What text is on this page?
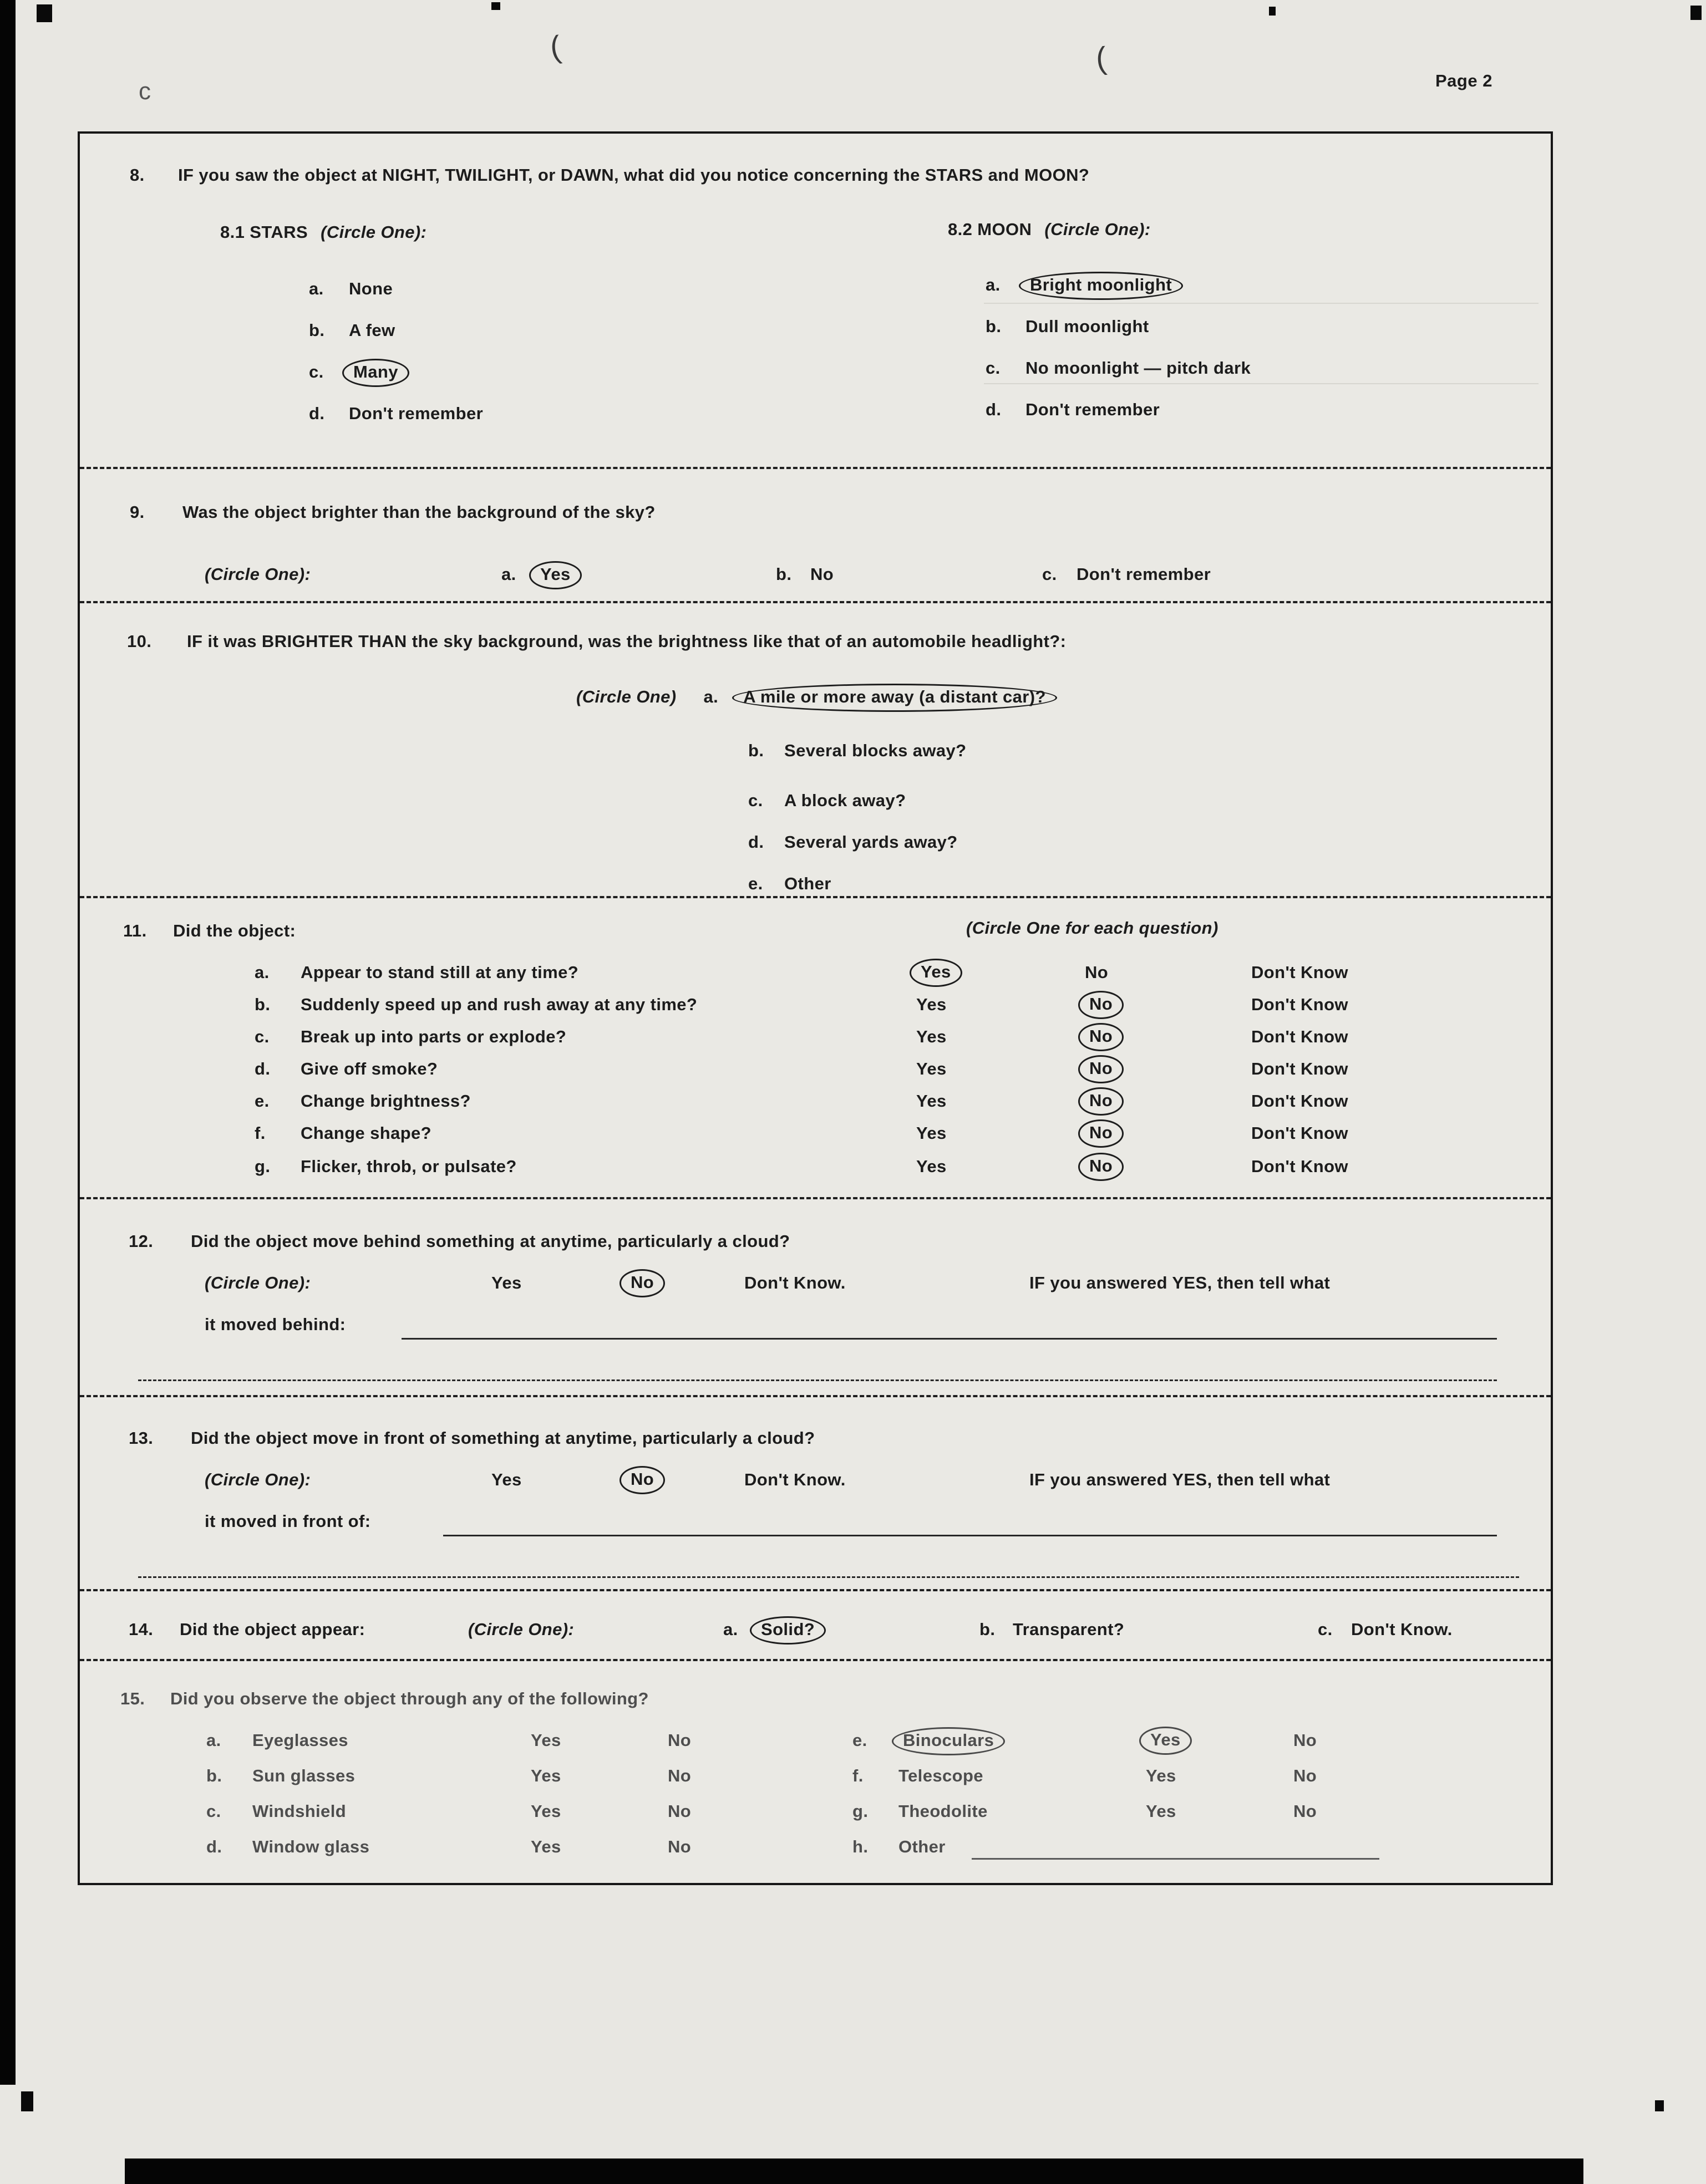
(	(
c	Page 2
8. IF you saw the object at NIGHT, TWILIGHT, or DAWN, what did you notice concerning the STARS and MOON?
8.1 STARS (Circle One):	8.2 MOON (Circle One):
a. None
b. A few
c. Many
d. Don't remember
a. Bright moonlight
b. Dull moonlight
c. No moonlight — pitch dark
d. Don't remember
9. Was the object brighter than the background of the sky?
(Circle One):	a. Yes	b. No	c. Don't remember
10. IF it was BRIGHTER THAN the sky background, was the brightness like that of an automobile headlight?:
(Circle One) a. A mile or more away (a distant car)?
b. Several blocks away?
c. A block away?
d. Several yards away?
e. Other
11. Did the object:	(Circle One for each question)
a. Appear to stand still at any time?	Yes	No	Don't Know
b. Suddenly speed up and rush away at any time?	Yes	No	Don't Know
c. Break up into parts or explode?	Yes	No	Don't Know
d. Give off smoke?	Yes	No	Don't Know
e. Change brightness?	Yes	No	Don't Know
f. Change shape?	Yes	No	Don't Know
g. Flicker, throb, or pulsate?	Yes	No	Don't Know
12. Did the object move behind something at anytime, particularly a cloud?
(Circle One):	Yes	No	Don't Know.	IF you answered YES, then tell what
it moved behind:
13. Did the object move in front of something at anytime, particularly a cloud?
(Circle One):	Yes	No	Don't Know.	IF you answered YES, then tell what
it moved in front of:
14. Did the object appear:	(Circle One):	a. Solid?	b. Transparent?	c. Don't Know.
15. Did you observe the object through any of the following?
a. Eyeglasses	Yes	No
b. Sun glasses	Yes	No
c. Windshield	Yes	No
d. Window glass	Yes	No
e. Binoculars	Yes	No
f. Telescope	Yes	No
g. Theodolite	Yes	No
h. Other
